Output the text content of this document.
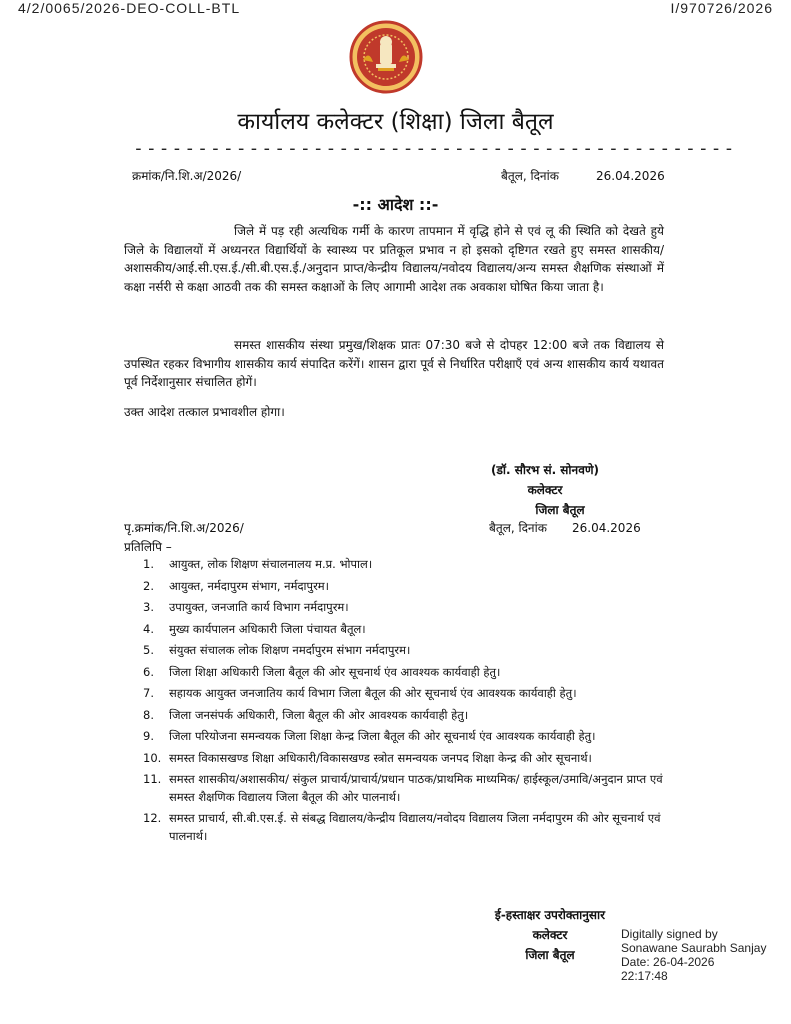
4/2/0065/2026-DEO-COLL-BTL	I/970726/2026
कार्यालय कलेक्टर (शिक्षा) जिला बैतूल
-----------------------------------------------
क्रमांक/नि.शि.अ/2026/	बैतूल, दिनांक	26.04.2026
-:: आदेश ::-

जिले में पड़ रही अत्यधिक गर्मी के कारण तापमान में वृद्धि होने से एवं लू की स्थिति को देखते हुये जिले के विद्यालयों में अध्यनरत विद्यार्थियों के स्वास्थ्य पर प्रतिकूल प्रभाव न हो इसको दृष्टिगत रखते हुए समस्त शासकीय/अशासकीय/आई.सी.एस.ई./सी.बी.एस.ई./अनुदान प्राप्त/केन्द्रीय विद्यालय/नवोदय विद्यालय/अन्य समस्त शैक्षणिक संस्थाओं में कक्षा नर्सरी से कक्षा आठवी तक की समस्त कक्षाओं के लिए आगामी आदेश तक अवकाश घोषित किया जाता है।

समस्त शासकीय संस्था प्रमुख/शिक्षक प्रातः 07:30 बजे से दोपहर 12:00 बजे तक विद्यालय से उपस्थित रहकर विभागीय शासकीय कार्य संपादित करेंगें। शासन द्वारा पूर्व से निर्धारित परीक्षाएँ एवं अन्य शासकीय कार्य यथावत पूर्व निर्देशानुसार संचालित होगें।

उक्त आदेश तत्काल प्रभावशील होगा।

(डॉ. सौरभ सं. सोनवणे)
कलेक्टर
जिला बैतूल
पृ.क्रमांक/नि.शि.अ/2026/	बैतूल, दिनांक 26.04.2026
प्रतिलिपि –
1. आयुक्त, लोक शिक्षण संचालनालय म.प्र. भोपाल।
2. आयुक्त, नर्मदापुरम संभाग, नर्मदापुरम।
3. उपायुक्त, जनजाति कार्य विभाग नर्मदापुरम।
4. मुख्य कार्यपालन अधिकारी जिला पंचायत बैतूल।
5. संयुक्त संचालक लोक शिक्षण नमर्दापुरम संभाग नर्मदापुरम।
6. जिला शिक्षा अधिकारी जिला बैतूल की ओर सूचनार्थ एंव आवश्यक कार्यवाही हेतु।
7. सहायक आयुक्त जनजातिय कार्य विभाग जिला बैतूल की ओर सूचनार्थ एंव आवश्यक कार्यवाही हेतु।
8. जिला जनसंपर्क अधिकारी, जिला बैतूल की ओर आवश्यक कार्यवाही हेतु।
9. जिला परियोजना समन्वयक जिला शिक्षा केन्द्र जिला बैतूल की ओर सूचनार्थ एंव आवश्यक कार्यवाही हेतु।
10. समस्त विकासखण्ड शिक्षा अधिकारी/विकासखण्ड स्त्रोत समन्वयक जनपद शिक्षा केन्द्र की ओर सूचनार्थ।
11. समस्त शासकीय/अशासकीय/ संकुल प्राचार्य/प्राचार्य/प्रधान पाठक/प्राथमिक माध्यमिक/ हाईस्कूल/उमावि/अनुदान प्राप्त एवं समस्त शैक्षणिक विद्यालय जिला बैतूल की ओर पालनार्थ।
12. समस्त प्राचार्य, सी.बी.एस.ई. से संबद्ध विद्यालय/केन्द्रीय विद्यालय/नवोदय विद्यालय जिला नर्मदापुरम की ओर सूचनार्थ एवं पालनार्थ।
ई-हस्ताक्षर उपरोक्तानुसार
कलेक्टर
जिला बैतूल
Digitally signed by
Sonawane Saurabh Sanjay
Date: 26-04-2026
22:17:48
